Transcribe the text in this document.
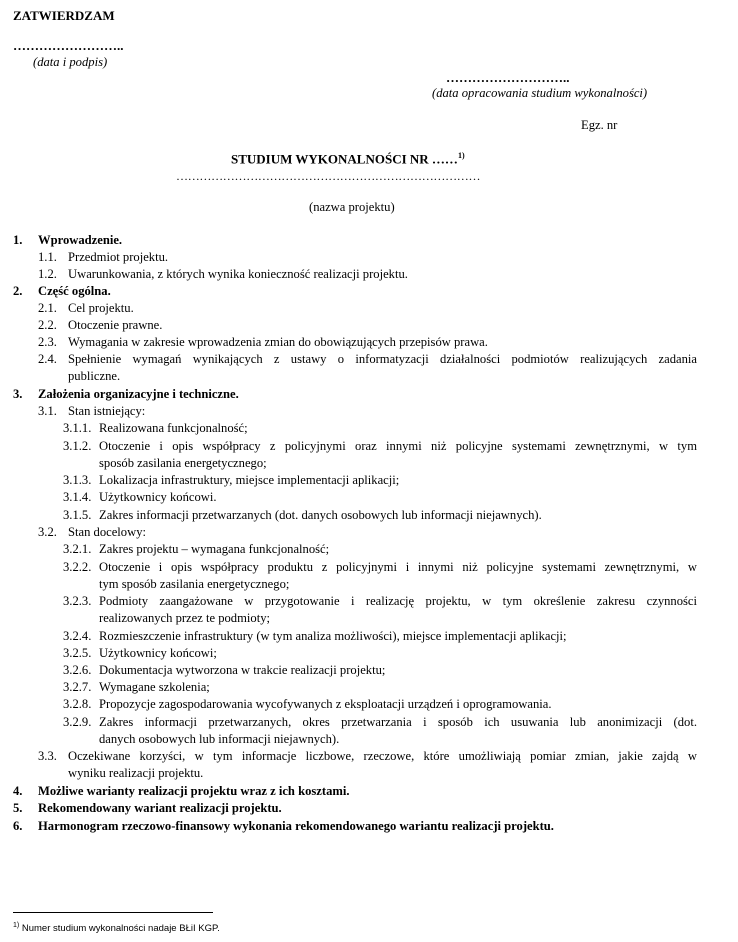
ZATWIERDZAM
……………………..
(data i podpis)
………………………..
(data opracowania studium wykonalności)
Egz. nr
STUDIUM WYKONALNOŚCI NR ……$^{1)}$
……………………………………………………………………
(nazwa projektu)
1. Wprowadzenie.
1.1. Przedmiot projektu.
1.2. Uwarunkowania, z których wynika konieczność realizacji projektu.
2. Część ogólna.
2.1. Cel projektu.
2.2. Otoczenie prawne.
2.3. Wymagania w zakresie wprowadzenia zmian do obowiązujących przepisów prawa.
2.4. Spełnienie wymagań wynikających z ustawy o informatyzacji działalności podmiotów realizujących zadania
publiczne.
3. Założenia organizacyjne i techniczne.
3.1. Stan istniejący:
3.1.1. Realizowana funkcjonalność;
3.1.2. Otoczenie i opis współpracy z policyjnymi oraz innymi niż policyjne systemami zewnętrznymi, w tym
sposób zasilania energetycznego;
3.1.3. Lokalizacja infrastruktury, miejsce implementacji aplikacji;
3.1.4. Użytkownicy końcowi.
3.1.5. Zakres informacji przetwarzanych (dot. danych osobowych lub informacji niejawnych).
3.2. Stan docelowy:
3.2.1. Zakres projektu – wymagana funkcjonalność;
3.2.2. Otoczenie i opis współpracy produktu z policyjnymi i innymi niż policyjne systemami zewnętrznymi, w
tym sposób zasilania energetycznego;
3.2.3. Podmioty zaangażowane w przygotowanie i realizację projektu, w tym określenie zakresu czynności
realizowanych przez te podmioty;
3.2.4. Rozmieszczenie infrastruktury (w tym analiza możliwości), miejsce implementacji aplikacji;
3.2.5. Użytkownicy końcowi;
3.2.6. Dokumentacja wytworzona w trakcie realizacji projektu;
3.2.7. Wymagane szkolenia;
3.2.8. Propozycje zagospodarowania wycofywanych z eksploatacji urządzeń i oprogramowania.
3.2.9. Zakres informacji przetwarzanych, okres przetwarzania i sposób ich usuwania lub anonimizacji (dot.
danych osobowych lub informacji niejawnych).
3.3. Oczekiwane korzyści, w tym informacje liczbowe, rzeczowe, które umożliwiają pomiar zmian, jakie zajdą w
wyniku realizacji projektu.
4. Możliwe warianty realizacji projektu wraz z ich kosztami.
5. Rekomendowany wariant realizacji projektu.
6. Harmonogram rzeczowo-finansowy wykonania rekomendowanego wariantu realizacji projektu.
$^{1)}$ Numer studium wykonalności nadaje BŁiI KGP.
